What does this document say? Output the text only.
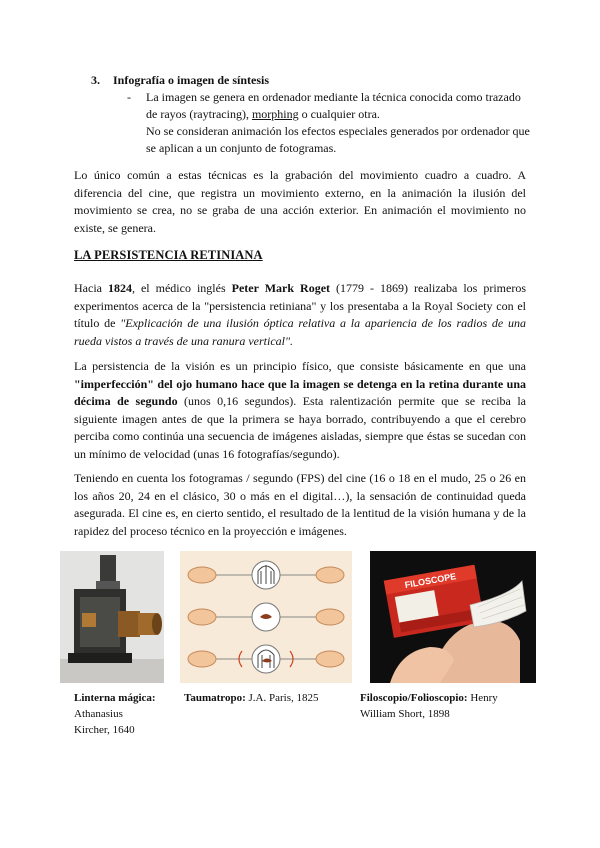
3. Infografía o imagen de síntesis
- La imagen se genera en ordenador mediante la técnica conocida como trazado de rayos (raytracing), morphing o cualquier otra.
No se consideran animación los efectos especiales generados por ordenador que se aplican a un conjunto de fotogramas.

Lo único común a estas técnicas es la grabación del movimiento cuadro a cuadro. A diferencia del cine, que registra un movimiento externo, en la animación la ilusión del movimiento se crea, no se graba de una acción exterior. En animación el movimiento no existe, se genera.

LA PERSISTENCIA RETINIANA

Hacia 1824, el médico inglés Peter Mark Roget (1779 - 1869) realizaba los primeros experimentos acerca de la "persistencia retiniana" y los presentaba a la Royal Society con el título de "Explicación de una ilusión óptica relativa a la apariencia de los radios de una rueda vistos a través de una ranura vertical".

La persistencia de la visión es un principio físico, que consiste básicamente en que una "imperfección" del ojo humano hace que la imagen se detenga en la retina durante una décima de segundo (unos 0,16 segundos). Esta ralentización permite que se reciba la siguiente imagen antes de que la primera se haya borrado, contribuyendo a que el cerebro perciba como continúa una secuencia de imágenes aisladas, siempre que éstas se sucedan con un mínimo de velocidad (unas 16 fotografías/segundo).

Teniendo en cuenta los fotogramas / segundo (FPS) del cine (16 o 18 en el mudo, 25 o 26 en los años 20, 24 en el clásico, 30 o más en el digital…), la sensación de continuidad queda asegurada. El cine es, en cierto sentido, el resultado de la lentitud de la visión humana y de la rapidez del proceso técnico en la proyección e imágenes.

FILOSCOPE
Linterna mágica:
Athanasius Kircher, 1640
Taumatropo: J.A. Paris, 1825	Filoscopio/Folioscopio: Henry William Short, 1898
